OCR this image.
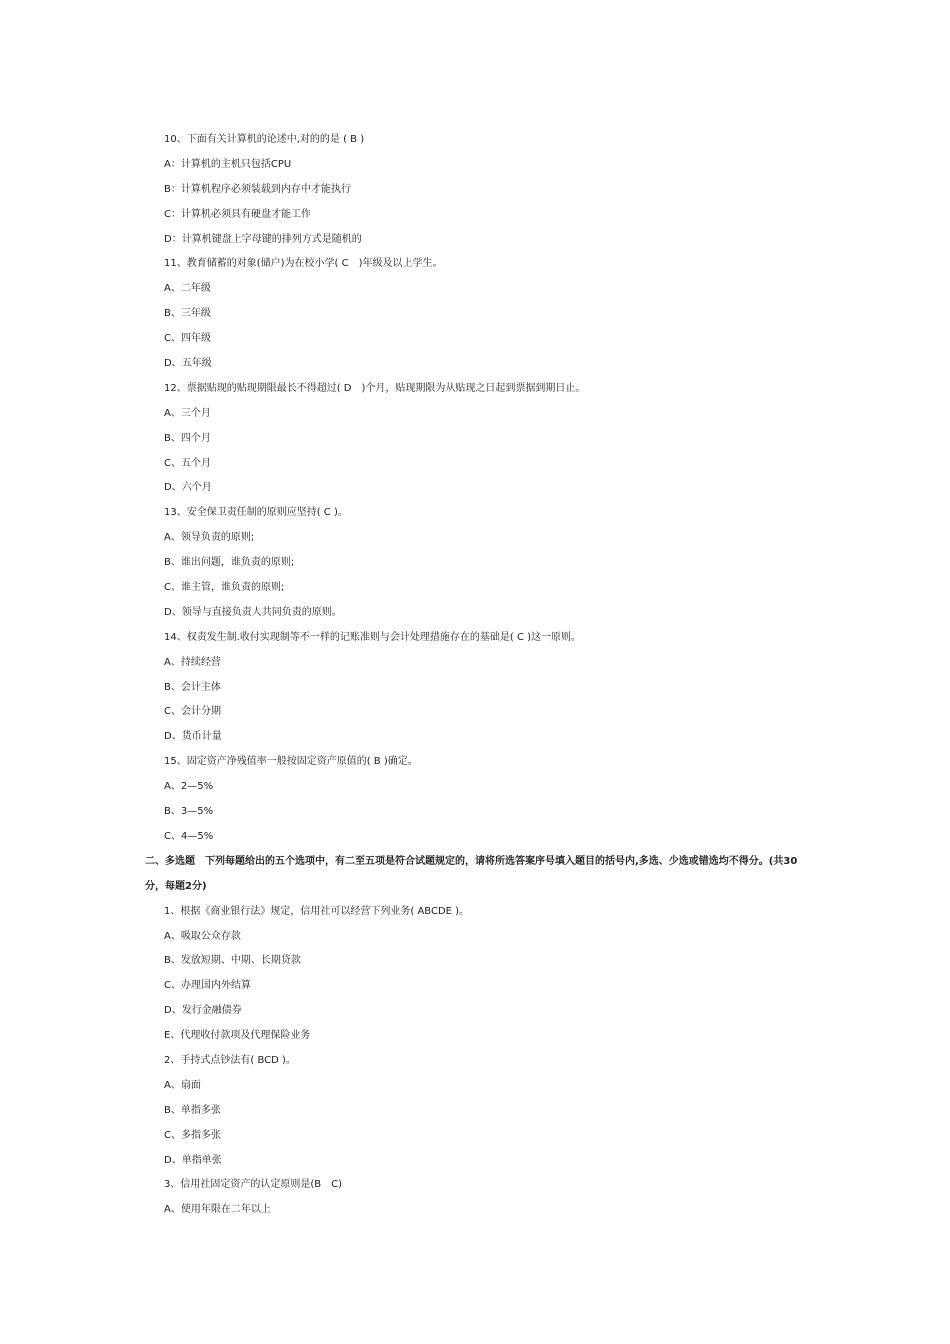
10、下面有关计算机的论述中,对的的是 ( B )
A：计算机的主机只包括CPU
B：计算机程序必须装载到内存中才能执行
C：计算机必须具有硬盘才能工作
D：计算机键盘上字母键的排列方式是随机的
11、教育储蓄的对象(储户)为在校小学( C　)年级及以上学生。
A、二年级
B、三年级
C、四年级
D、五年级
12、票据贴现的贴现期限最长不得超过( D　)个月，贴现期限为从贴现之日起到票据到期日止。
A、三个月
B、四个月
C、五个月
D、六个月
13、安全保卫责任制的原则应坚持( C )。
A、领导负责的原则;
B、谁出问题，谁负责的原则;
C、谁主管，谁负责的原则;
D、领导与直接负责人共同负责的原则。
14、权责发生制.收付实现制等不一样的记账准则与会计处理措施存在的基础是( C )这一原则。
A、持续经营
B、会计主体
C、会计分期
D、货币计量
15、固定资产净残值率一般按固定资产原值的( B )确定。
A、2—5%
B、3—5%
C、4—5%
二、多选题　下列每题给出的五个选项中，有二至五项是符合试题规定的，请将所选答案序号填入题目的括号内,多选、少选或错选均不得分。(共30分，每题2分)
1、根据《商业银行法》规定，信用社可以经营下列业务( ABCDE )。
A、吸取公众存款
B、发放短期、中期、长期贷款
C、办理国内外结算
D、发行金融债券
E、代理收付款项及代理保险业务
2、手持式点钞法有( BCD )。
A、扇面
B、单指多张
C、多指多张
D、单指单张
3、信用社固定资产的认定原则是(B　C)
A、使用年限在二年以上
